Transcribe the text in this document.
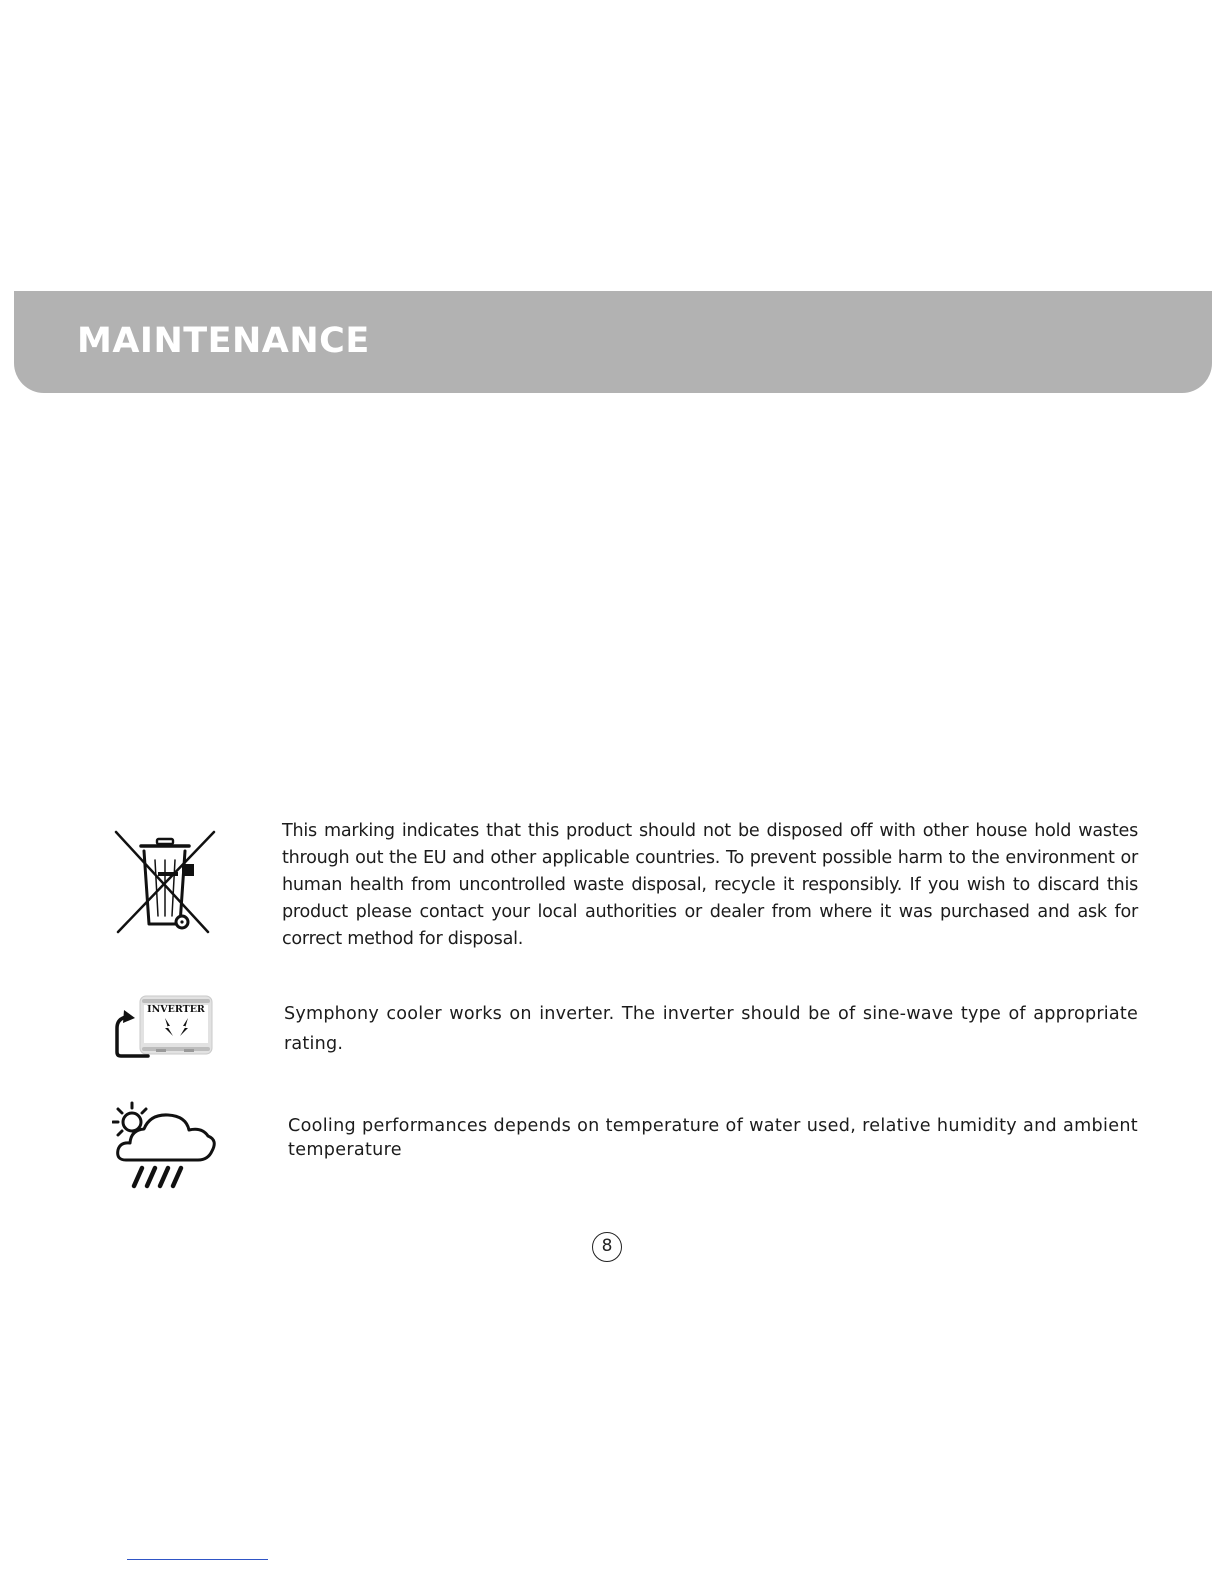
MAINTENANCE

This marking indicates that this product should not be disposed off with other house hold wastes through out the EU and other applicable countries. To prevent possible harm to the environment or human health from uncontrolled waste disposal, recycle it responsibly. If you wish to discard this product please contact your local authorities or dealer from where it was purchased and ask for correct method for disposal.

INVERTER	Symphony cooler works on inverter. The inverter should be of sine-wave type of appropriate rating.

Cooling performances depends on temperature of water used, relative humidity and ambient temperature

8
